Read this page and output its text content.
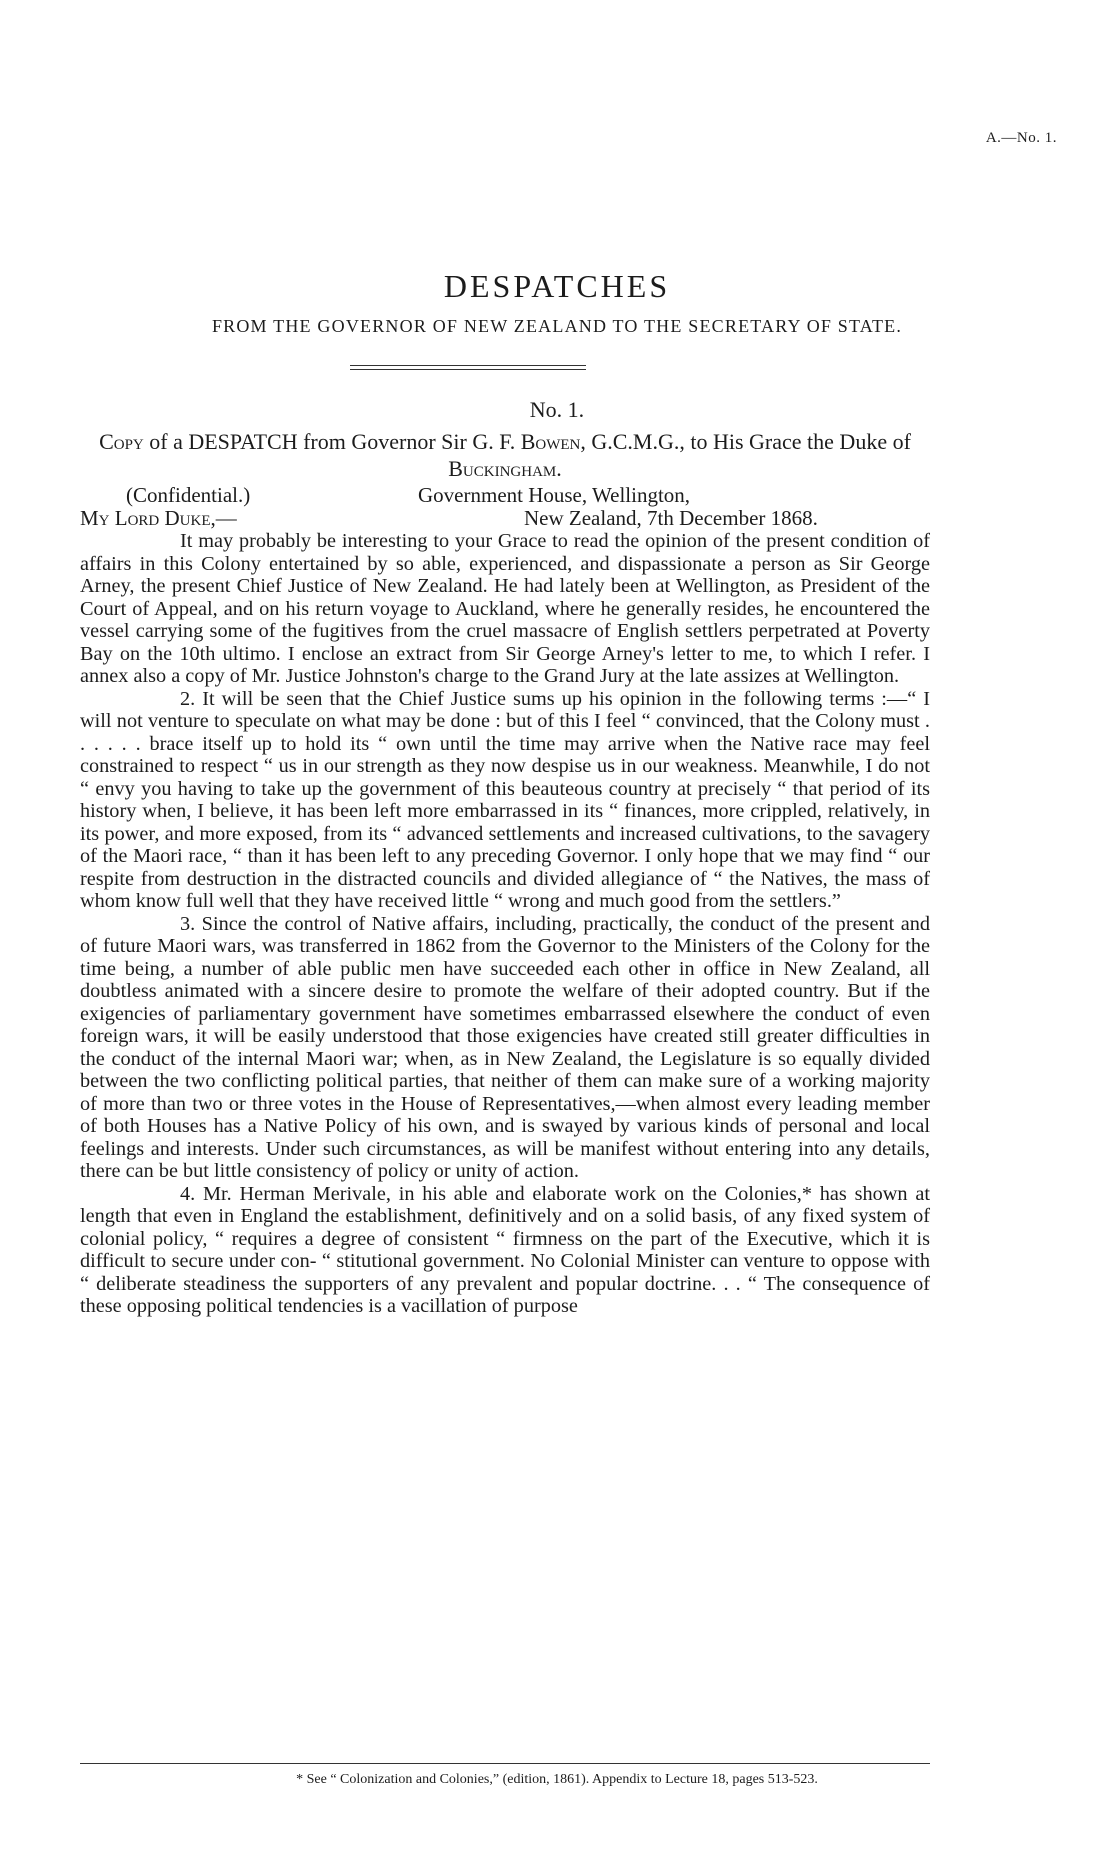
A.—No. 1.
DESPATCHES
FROM THE GOVERNOR OF NEW ZEALAND TO THE SECRETARY OF STATE.
No. 1.
Copy of a DESPATCH from Governor Sir G. F. Bowen, G.C.M.G., to His Grace the Duke of Buckingham.
(Confidential.)	Government House, Wellington,
My Lord Duke,—	New Zealand, 7th December 1868.

It may probably be interesting to your Grace to read the opinion of the present condition of affairs in this Colony entertained by so able, experienced, and dispassionate a person as Sir George Arney, the present Chief Justice of New Zealand. He had lately been at Wellington, as President of the Court of Appeal, and on his return voyage to Auckland, where he generally resides, he encountered the vessel carrying some of the fugitives from the cruel massacre of English settlers perpetrated at Poverty Bay on the 10th ultimo. I enclose an extract from Sir George Arney's letter to me, to which I refer. I annex also a copy of Mr. Justice Johnston's charge to the Grand Jury at the late assizes at Wellington.

2. It will be seen that the Chief Justice sums up his opinion in the following terms :—“ I will not venture to speculate on what may be done : but of this I feel “ convinced, that the Colony must . . . . . . brace itself up to hold its “ own until the time may arrive when the Native race may feel constrained to respect “ us in our strength as they now despise us in our weakness. Meanwhile, I do not “ envy you having to take up the government of this beauteous country at precisely “ that period of its history when, I believe, it has been left more embarrassed in its “ finances, more crippled, relatively, in its power, and more exposed, from its “ advanced settlements and increased cultivations, to the savagery of the Maori race, “ than it has been left to any preceding Governor. I only hope that we may find “ our respite from destruction in the distracted councils and divided allegiance of “ the Natives, the mass of whom know full well that they have received little “ wrong and much good from the settlers.”

3. Since the control of Native affairs, including, practically, the conduct of the present and of future Maori wars, was transferred in 1862 from the Governor to the Ministers of the Colony for the time being, a number of able public men have succeeded each other in office in New Zealand, all doubtless animated with a sincere desire to promote the welfare of their adopted country. But if the exigencies of parliamentary government have sometimes embarrassed elsewhere the conduct of even foreign wars, it will be easily understood that those exigencies have created still greater difficulties in the conduct of the internal Maori war; when, as in New Zealand, the Legislature is so equally divided between the two conflicting political parties, that neither of them can make sure of a working majority of more than two or three votes in the House of Representatives,—when almost every leading member of both Houses has a Native Policy of his own, and is swayed by various kinds of personal and local feelings and interests. Under such circumstances, as will be manifest without entering into any details, there can be but little consistency of policy or unity of action.

4. Mr. Herman Merivale, in his able and elaborate work on the Colonies,* has shown at length that even in England the establishment, definitively and on a solid basis, of any fixed system of colonial policy, “ requires a degree of consistent “ firmness on the part of the Executive, which it is difficult to secure under con- “ stitutional government. No Colonial Minister can venture to oppose with “ deliberate steadiness the supporters of any prevalent and popular doctrine. . . “ The consequence of these opposing political tendencies is a vacillation of purpose

* See “ Colonization and Colonies,” (edition, 1861). Appendix to Lecture 18, pages 513-523.
